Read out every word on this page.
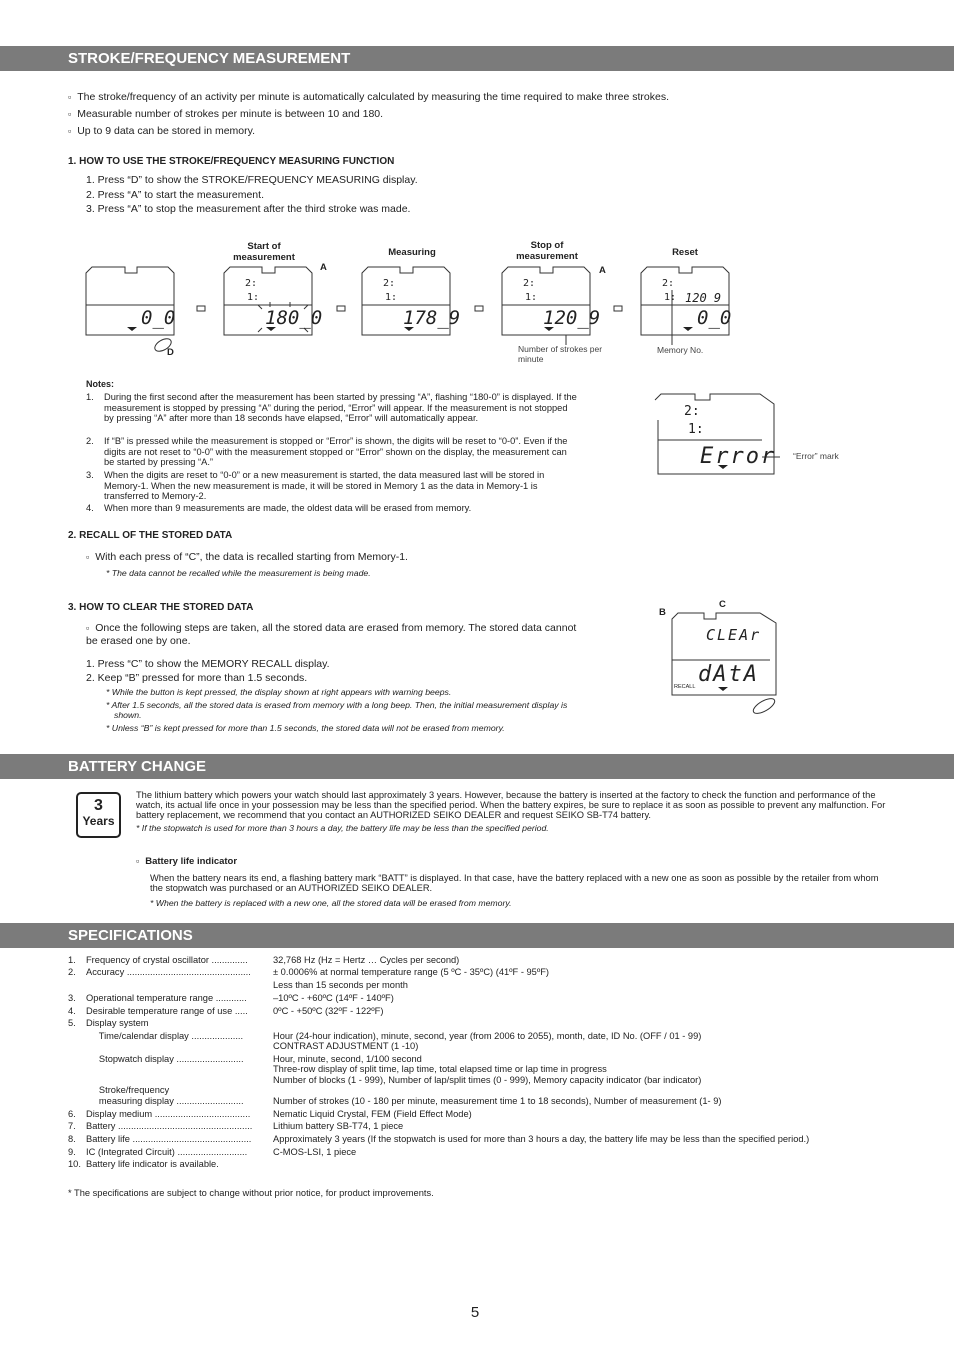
STROKE/FREQUENCY MEASUREMENT
▫ The stroke/frequency of an activity per minute is automatically calculated by measuring the time required to make three strokes.
▫ Measurable number of strokes per minute is between 10 and 180.
▫ Up to 9 data can be stored in memory.
1. HOW TO USE THE STROKE/FREQUENCY MEASURING FUNCTION
1. Press “D” to show the STROKE/FREQUENCY MEASURING display.
2. Press “A” to start the measurement.
3. Press “A” to stop the measurement after the third stroke was made.
Start of measurement	Measuring
Stop of measurement	Reset
A	A
D
0_0
2:
1:
180_0
2:
1:
178_9
2:
1:
120_9
2:
1: 120_9
0_0
Number of strokes per minute
Memory No.
Notes:
1. During the first second after the measurement has been started by pressing “A”, flashing “180-0” is displayed. If the measurement is stopped by pressing “A” during the period, “Error” will appear. If the measurement is not stopped by pressing “A” after more than 18 seconds have elapsed, “Error” will automatically appear.
2. If “B” is pressed while the measurement is stopped or “Error” is shown, the digits will be reset to “0-0”. Even if the digits are not reset to “0-0” with the measurement stopped or “Error” shown on the display, the measurement can be started by pressing “A.”
3. When the digits are reset to “0-0” or a new measurement is started, the data measured last will be stored in Memory-1. When the new measurement is made, it will be stored in Memory 1 as the data in Memory-1 is transferred to Memory-2.
4. When more than 9 measurements are made, the oldest data will be erased from memory.
2:
1:
Error “Error” mark
2. RECALL OF THE STORED DATA
▫ With each press of “C”, the data is recalled starting from Memory-1.
* The data cannot be recalled while the measurement is being made.
3. HOW TO CLEAR THE STORED DATA
▫ Once the following steps are taken, all the stored data are erased from memory. The stored data cannot be erased one by one.
1. Press “C” to show the MEMORY RECALL display.
2. Keep “B” pressed for more than 1.5 seconds.
* While the button is kept pressed, the display shown at right appears with warning beeps.
* After 1.5 seconds, all the stored data is erased from memory with a long beep. Then, the initial measurement display is shown.
* Unless “B” is kept pressed for more than 1.5 seconds, the stored data will not be erased from memory.
B
C
CLEAr
dAtA
RECALL
BATTERY CHANGE
3
Years
The lithium battery which powers your watch should last approximately 3 years. However, because the battery is inserted at the factory to check the function and performance of the watch, its actual life once in your possession may be less than the specified period. When the battery expires, be sure to replace it as soon as possible to prevent any malfunction. For battery replacement, we recommend that you contact an AUTHORIZED SEIKO DEALER and request SEIKO SB-T74 battery.
* If the stopwatch is used for more than 3 hours a day, the battery life may be less than the specified period.
▫ Battery life indicator
When the battery nears its end, a flashing battery mark “BATT” is displayed. In that case, have the battery replaced with a new one as soon as possible by the retailer from whom the stopwatch was purchased or an AUTHORIZED SEIKO DEALER.
* When the battery is replaced with a new one, all the stored data will be erased from memory.
SPECIFICATIONS
1. Frequency of crystal oscillator ..............	32,768 Hz (Hz = Hertz … Cycles per second)
2. Accuracy ................................................ ± 0.0006% at normal temperature range (5 ºC - 35ºC) (41ºF - 95ºF)
Less than 15 seconds per month
3. Operational temperature range ............	–10ºC - +60ºC (14ºF - 140ºF)
4. Desirable temperature range of use .....	0ºC - +50ºC (32ºF - 122ºF)
5. Display system
Time/calendar display ....................	Hour (24-hour indication), minute, second, year (from 2006 to 2055), month, date, ID No. (OFF / 01 - 99)
CONTRAST ADJUSTMENT (1 -10)
Stopwatch display ..........................	Hour, minute, second, 1/100 second
Three-row display of split time, lap time, total elapsed time or lap time in progress
Number of blocks (1 - 999), Number of lap/split times (0 - 999), Memory capacity indicator (bar indicator)
Stroke/frequency
measuring display ..........................	Number of strokes (10 - 180 per minute, measurement time 1 to 18 seconds), Number of measurement (1- 9)
6. Display medium ..................................... Nematic Liquid Crystal, FEM (Field Effect Mode)
7. Battery .................................................... Lithium battery SB-T74, 1 piece
8. Battery life .............................................. Approximately 3 years (If the stopwatch is used for more than 3 hours a day, the battery life may be less than the specified period.)
9. IC (Integrated Circuit) ...........................	C-MOS-LSI, 1 piece
10. Battery life indicator is available.
* The specifications are subject to change without prior notice, for product improvements.
5
